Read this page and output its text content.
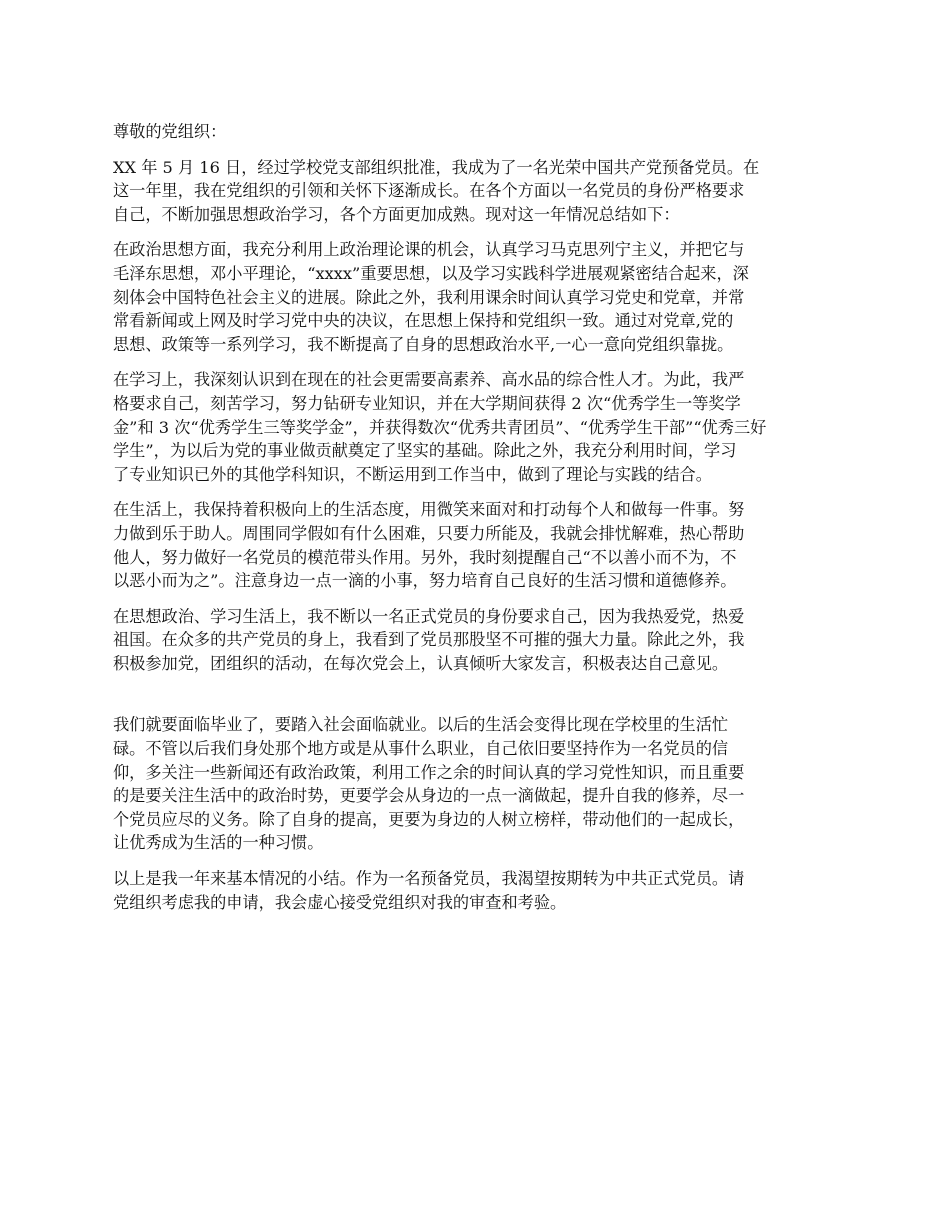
尊敬的党组织：
XX 年 5 月 16 日，经过学校党支部组织批准，我成为了一名光荣中国共产党预备党员。在
这一年里，我在党组织的引领和关怀下逐渐成长。在各个方面以一名党员的身份严格要求
自己，不断加强思想政治学习，各个方面更加成熟。现对这一年情况总结如下：
在政治思想方面，我充分利用上政治理论课的机会，认真学习马克思列宁主义，并把它与
毛泽东思想，邓小平理论，“xxxx”重要思想，以及学习实践科学进展观紧密结合起来，深
刻体会中国特色社会主义的进展。除此之外，我利用课余时间认真学习党史和党章，并常
常看新闻或上网及时学习党中央的决议，在思想上保持和党组织一致。通过对党章,党的
思想、政策等一系列学习，我不断提高了自身的思想政治水平,一心一意向党组织靠拢。
在学习上，我深刻认识到在现在的社会更需要高素养、高水品的综合性人才。为此，我严
格要求自己，刻苦学习，努力钻研专业知识，并在大学期间获得 2 次“优秀学生一等奖学
金”和 3 次“优秀学生三等奖学金”，并获得数次“优秀共青团员”、“优秀学生干部”“优秀三好
学生”，为以后为党的事业做贡献奠定了坚实的基础。除此之外，我充分利用时间，学习
了专业知识已外的其他学科知识，不断运用到工作当中，做到了理论与实践的结合。
在生活上，我保持着积极向上的生活态度，用微笑来面对和打动每个人和做每一件事。努
力做到乐于助人。周围同学假如有什么困难，只要力所能及，我就会排忧解难，热心帮助
他人，努力做好一名党员的模范带头作用。另外，我时刻提醒自己“不以善小而不为，不
以恶小而为之”。注意身边一点一滴的小事，努力培育自己良好的生活习惯和道德修养。
在思想政治、学习生活上，我不断以一名正式党员的身份要求自己，因为我热爱党，热爱
祖国。在众多的共产党员的身上，我看到了党员那股坚不可摧的强大力量。除此之外，我
积极参加党，团组织的活动，在每次党会上，认真倾听大家发言，积极表达自己意见。
我们就要面临毕业了，要踏入社会面临就业。以后的生活会变得比现在学校里的生活忙
碌。不管以后我们身处那个地方或是从事什么职业，自己依旧要坚持作为一名党员的信
仰，多关注一些新闻还有政治政策，利用工作之余的时间认真的学习党性知识，而且重要
的是要关注生活中的政治时势，更要学会从身边的一点一滴做起，提升自我的修养，尽一
个党员应尽的义务。除了自身的提高，更要为身边的人树立榜样，带动他们的一起成长，
让优秀成为生活的一种习惯。
以上是我一年来基本情况的小结。作为一名预备党员，我渴望按期转为中共正式党员。请
党组织考虑我的申请，我会虚心接受党组织对我的审查和考验。
